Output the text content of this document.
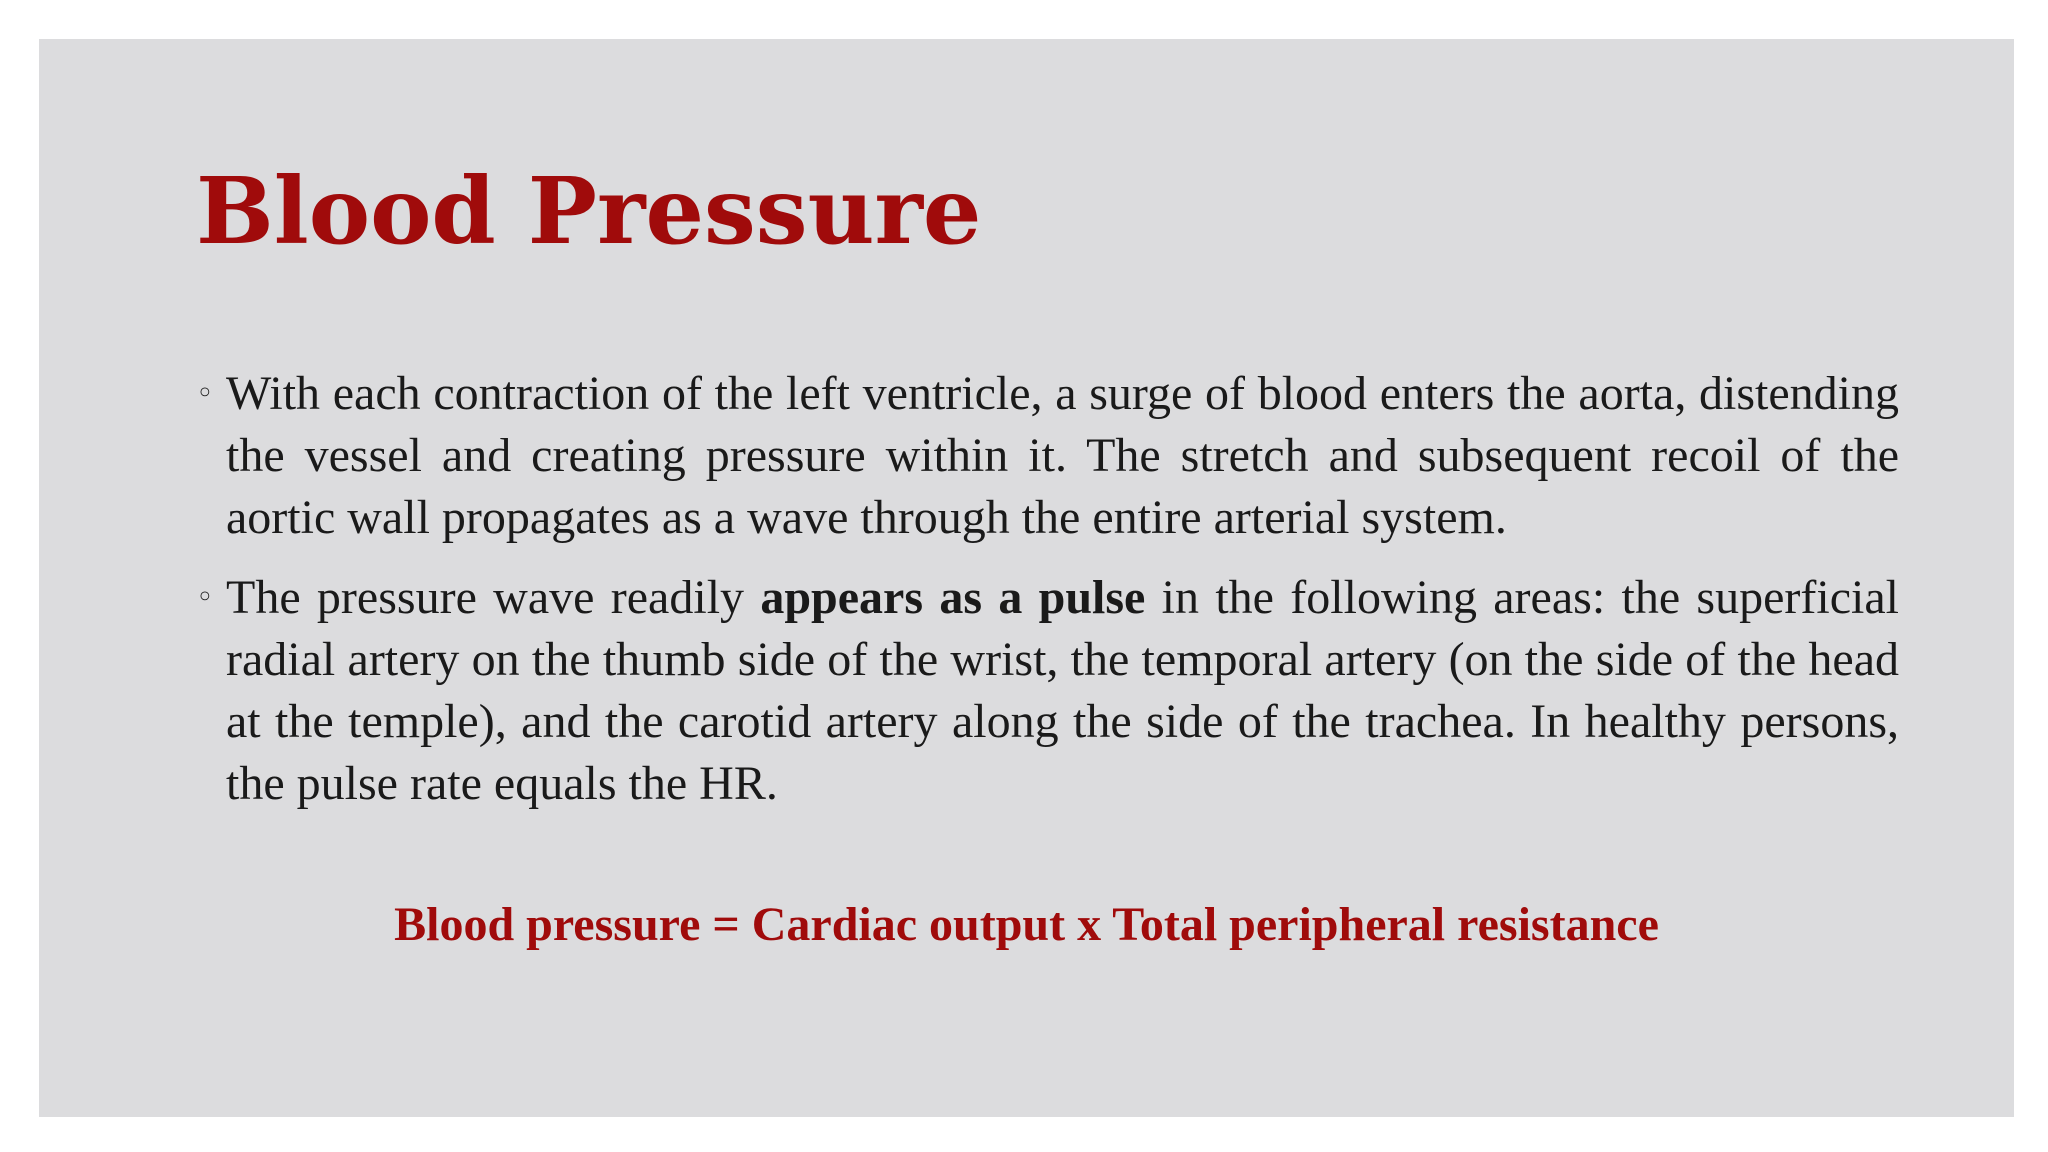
Blood Pressure
◦ With each contraction of the left ventricle, a surge of blood enters the aorta, distending the vessel and creating pressure within it. The stretch and subsequent recoil of the aortic wall propagates as a wave through the entire arterial system.
◦ The pressure wave readily appears as a pulse in the following areas: the superficial radial artery on the thumb side of the wrist, the temporal artery (on the side of the head at the temple), and the carotid artery along the side of the trachea. In healthy persons, the pulse rate equals the HR.
Blood pressure = Cardiac output x Total peripheral resistance
